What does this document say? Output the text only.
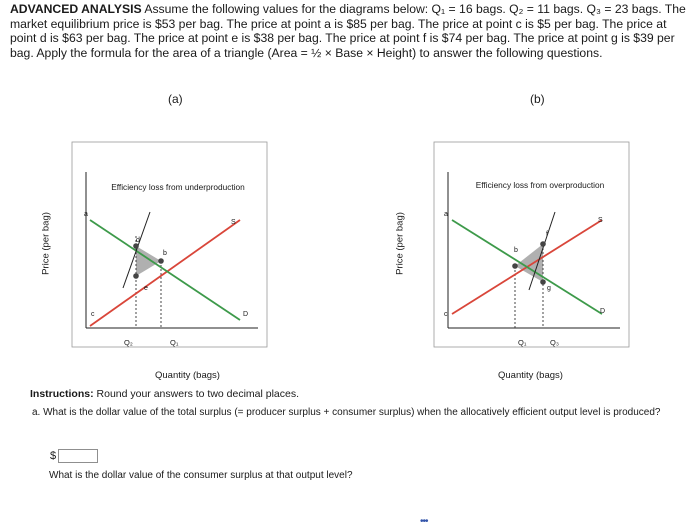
ADVANCED ANALYSIS Assume the following values for the diagrams below: Q₁ = 16 bags. Q₂ = 11 bags. Q₃ = 23 bags. The market equilibrium price is $53 per bag. The price at point a is $85 per bag. The price at point c is $5 per bag. The price at point d is $63 per bag. The price at point e is $38 per bag. The price at point f is $74 per bag. The price at point g is $39 per bag. Apply the formula for the area of a triangle (Area = ½ × Base × Height) to answer the following questions.
(a)	(b)
Price (per bag)
Efficiency loss from underproduction
a
d
b
e
c
S
D
Q₂	Q₁
Quantity (bags)
Price (per bag)
Efficiency loss from overproduction
a
b
f
g
c
S
D
Q₁	Q₃
Quantity (bags)
Instructions: Round your answers to two decimal places.
a. What is the dollar value of the total surplus (= producer surplus + consumer surplus) when the allocatively efficient output level is produced?
$
What is the dollar value of the consumer surplus at that output level?
•••
